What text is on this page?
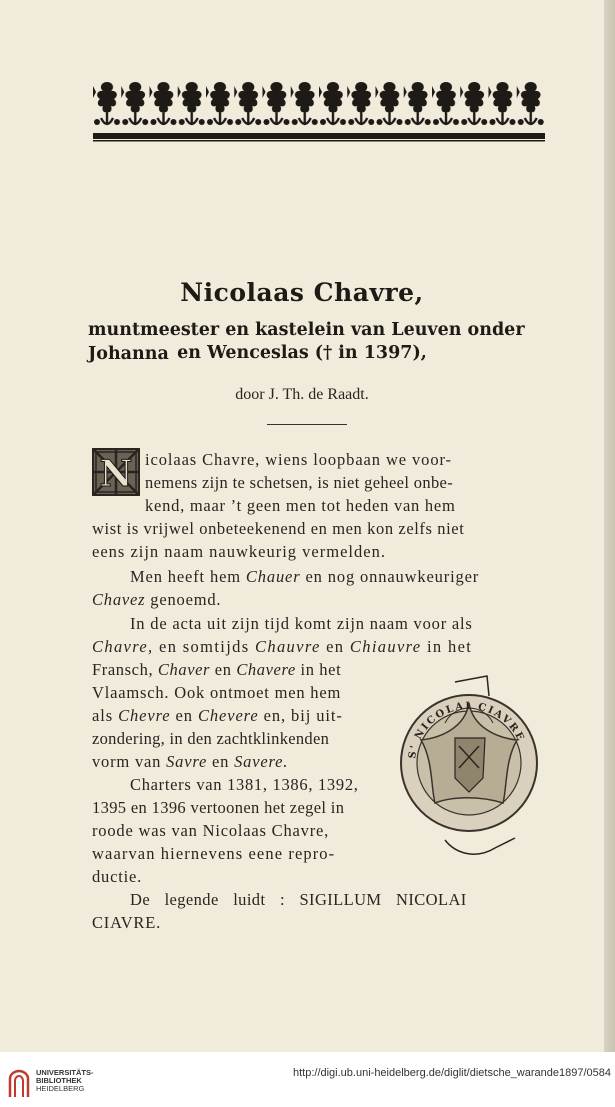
Nicolaas Chavre,
muntmeester en kastelein van Leuven onder Johanna en Wenceslas († in 1397),
door J. Th. de Raadt.
N icolaas Chavre, wiens loopbaan we voor-
nemens zijn te schetsen, is niet geheel onbe-
kend, maar ’t geen men tot heden van hem
wist is vrijwel onbeteekenend en men kon zelfs niet
eens zijn naam nauwkeurig vermelden.
Men heeft hem Chauer en nog onnauwkeuriger
Chavez genoemd.
In de acta uit zijn tijd komt zijn naam voor als
Chavre, en somtijds Chauvre en Chiauvre in het
Fransch, Chaver en Chavere in het
Vlaamsch. Ook ontmoet men hem
als Chevre en Chevere en, bij uit-
zondering, in den zachtklinkenden
vorm van Savre en Savere.
Charters van 1381, 1386, 1392,
1395 en 1396 vertoonen het zegel in
roode was van Nicolaas Chavre,
waarvan hiernevens eene repro-
ductie.
De legende luidt : SIGILLUM NICOLAI
CIAVRE.
S' NICOLAI CIAVRE
UNIVERSITÄTS-
BIBLIOTHEK
HEIDELBERG
http://digi.ub.uni-heidelberg.de/diglit/dietsche_warande1897/0584
